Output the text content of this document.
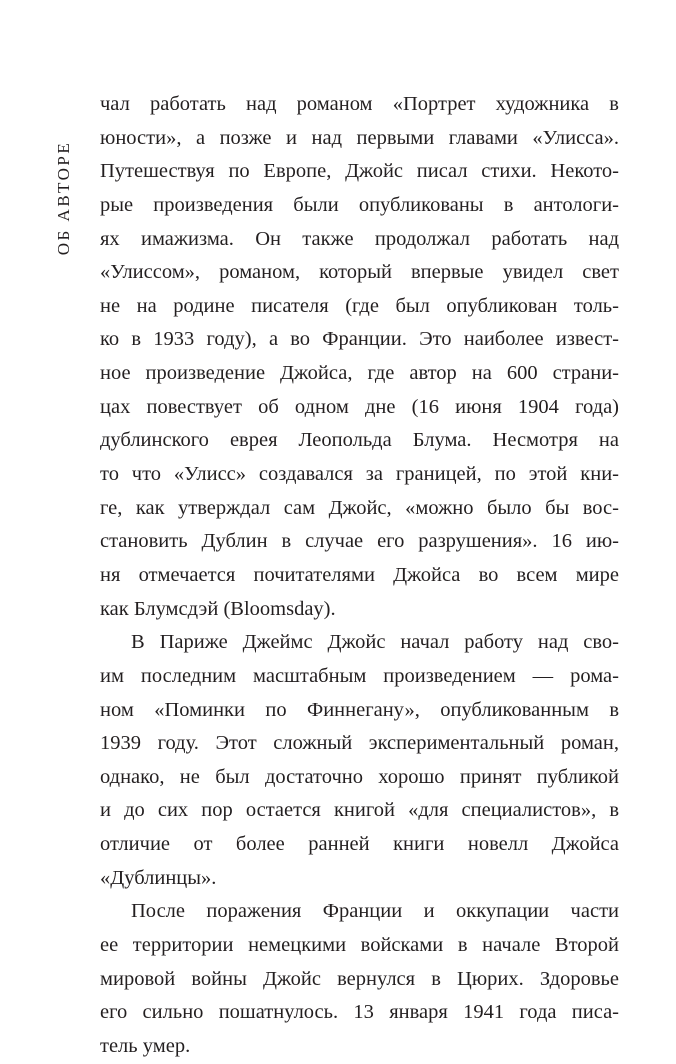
ОБ АВТОРЕ
чал работать над романом «Портрет художника в
юности», а позже и над первыми главами «Улисса».
Путешествуя по Европе, Джойс писал стихи. Некото-
рые произведения были опубликованы в антологи-
ях имажизма. Он также продолжал работать над
«Улиссом», романом, который впервые увидел свет
не на родине писателя (где был опубликован толь-
ко в 1933 году), а во Франции. Это наиболее извест-
ное произведение Джойса, где автор на 600 страни-
цах повествует об одном дне (16 июня 1904 года)
дублинского еврея Леопольда Блума. Несмотря на
то что «Улисс» создавался за границей, по этой кни-
ге, как утверждал сам Джойс, «можно было бы вос-
становить Дублин в случае его разрушения». 16 ию-
ня отмечается почитателями Джойса во всем мире
как Блумсдэй (Bloomsday).
В Париже Джеймс Джойс начал работу над сво-
им последним масштабным произведением — рома-
ном «Поминки по Финнегану», опубликованным в
1939 году. Этот сложный экспериментальный роман,
однако, не был достаточно хорошо принят публикой
и до сих пор остается книгой «для специалистов», в
отличие от более ранней книги новелл Джойса
«Дублинцы».
После поражения Франции и оккупации части
ее территории немецкими войсками в начале Второй
мировой войны Джойс вернулся в Цюрих. Здоровье
его сильно пошатнулось. 13 января 1941 года писа-
тель умер.
